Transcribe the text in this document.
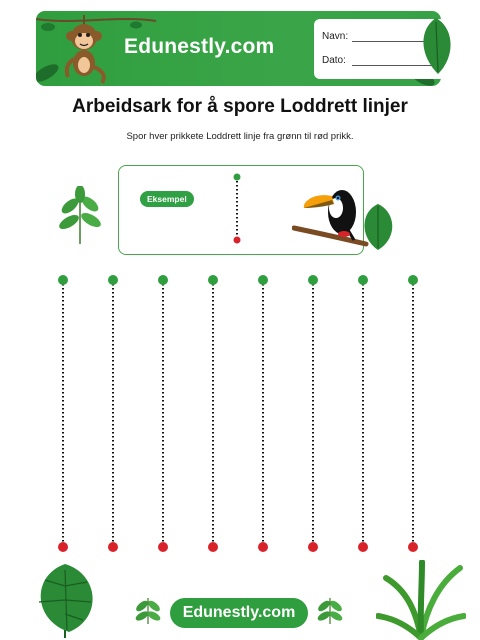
Edunestly.com	Navn:
Dato:
Arbeidsark for å spore Loddrett linjer
Spor hver prikkete Loddrett linje fra grønn til rød prikk.
Eksempel
Edunestly.com
